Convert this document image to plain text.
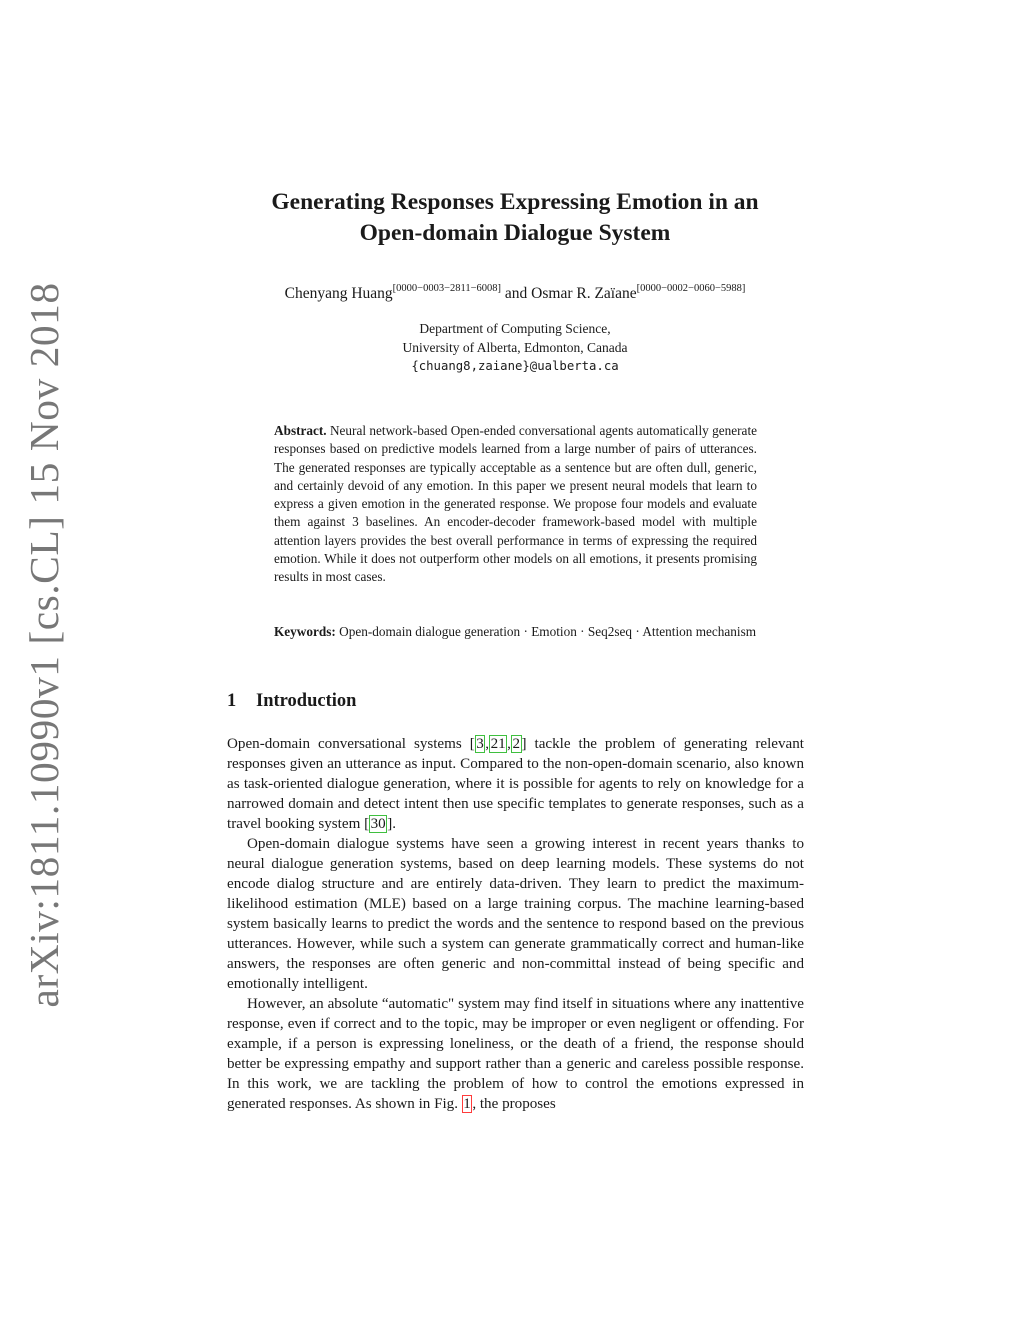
arXiv:1811.10990v1 [cs.CL] 15 Nov 2018
Generating Responses Expressing Emotion in an
Open-domain Dialogue System
Chenyang Huang[0000−0003−2811−6008] and Osmar R. Zaïane[0000−0002−0060−5988]
Department of Computing Science,
University of Alberta, Edmonton, Canada
{chuang8,zaiane}@ualberta.ca
Abstract. Neural network-based Open-ended conversational agents automatically generate responses based on predictive models learned from a large number of pairs of utterances. The generated responses are typically acceptable as a sentence but are often dull, generic, and certainly devoid of any emotion. In this paper we present neural models that learn to express a given emotion in the generated response. We propose four models and evaluate them against 3 baselines. An encoder-decoder framework-based model with multiple attention layers provides the best overall performance in terms of expressing the required emotion. While it does not outperform other models on all emotions, it presents promising results in most cases.
Keywords: Open-domain dialogue generation · Emotion · Seq2seq · Attention mechanism
1 Introduction

Open-domain conversational systems [3,21,2] tackle the problem of generating relevant responses given an utterance as input. Compared to the non-open-domain scenario, also known as task-oriented dialogue generation, where it is possible for agents to rely on knowledge for a narrowed domain and detect intent then use specific templates to generate responses, such as a travel booking system [30].

Open-domain dialogue systems have seen a growing interest in recent years thanks to neural dialogue generation systems, based on deep learning models. These systems do not encode dialog structure and are entirely data-driven. They learn to predict the maximum-likelihood estimation (MLE) based on a large training corpus. The machine learning-based system basically learns to predict the words and the sentence to respond based on the previous utterances. However, while such a system can generate grammatically correct and human-like answers, the responses are often generic and non-committal instead of being specific and emotionally intelligent.

However, an absolute “automatic" system may find itself in situations where any inattentive response, even if correct and to the topic, may be improper or even negligent or offending. For example, if a person is expressing loneliness, or the death of a friend, the response should better be expressing empathy and support rather than a generic and careless possible response. In this work, we are tackling the problem of how to control the emotions expressed in generated responses. As shown in Fig. 1, the proposes
